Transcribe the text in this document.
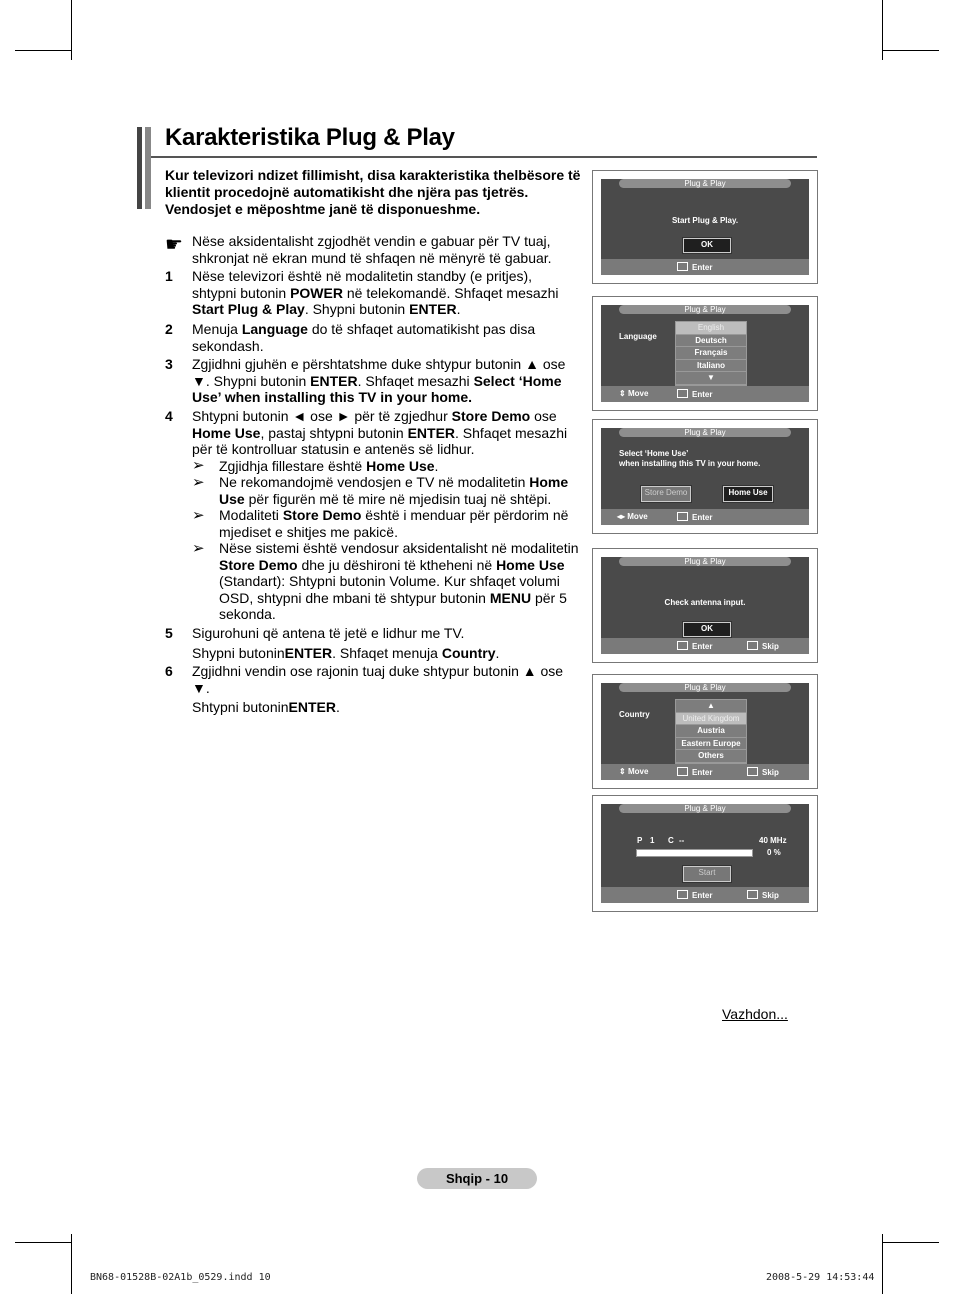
Karakteristika Plug & Play
Kur televizori ndizet fillimisht, disa karakteristika thelbësore të klientit procedojnë automatikisht dhe njëra pas tjetrës. Vendosjet e mëposhtme janë të disponueshme.
☛ Nëse aksidentalisht zgjodhët vendin e gabuar për TV tuaj, shkronjat në ekran mund të shfaqen në mënyrë të gabuar.
1 Nëse televizori është në modalitetin standby (e pritjes), shtypni butonin POWER në telekomandë. Shfaqet mesazhi Start Plug & Play. Shypni butonin ENTER.
2 Menuja Language do të shfaqet automatikisht pas disa sekondash.
3 Zgjidhni gjuhën e përshtatshme duke shtypur butonin ▲ ose ▼. Shypni butonin ENTER. Shfaqet mesazhi Select ‘Home Use’ when installing this TV in your home.
4 Shtypni butonin ◄ ose ► për të zgjedhur Store Demo ose Home Use, pastaj shtypni butonin ENTER. Shfaqet mesazhi për të kontrolluar statusin e antenës së lidhur.
➢ Zgjidhja fillestare është Home Use.
➢ Ne rekomandojmë vendosjen e TV në modalitetin Home Use për figurën më të mire në mjedisin tuaj në shtëpi.
➢ Modaliteti Store Demo është i menduar për përdorim në mjediset e shitjes me pakicë.
➢ Nëse sistemi është vendosur aksidentalisht në modalitetin Store Demo dhe ju dëshironi të ktheheni në Home Use (Standart): Shtypni butonin Volume. Kur shfaqet volumi OSD, shtypni dhe mbani të shtypur butonin MENU për 5 sekonda.
5 Sigurohuni që antena të jetë e lidhur me TV.
Shypni butoninENTER. Shfaqet menuja Country.
6 Zgjidhni vendin ose rajonin tuaj duke shtypur butonin ▲ ose ▼.
Shtypni butoninENTER.
Plug & Play
Start Plug & Play.
OK
Enter
Plug & Play
Language
English
Deutsch
Français
Italiano
▼
⇕ Move	Enter
Plug & Play
Select ‘Home Use’
when installing this TV in your home.
Store Demo	Home Use
◂▸ Move	Enter
Plug & Play
Check antenna input.
OK
Enter	Skip
Plug & Play
Country
▲
United Kingdom
Austria
Eastern Europe
Others
⇕ Move	Enter	Skip
Plug & Play
P 1 C --	40 MHz
0 %
Start
Enter	Skip
Vazhdon...
Shqip - 10
BN68-01528B-02A1b_0529.indd 10	2008-5-29 14:53:44
